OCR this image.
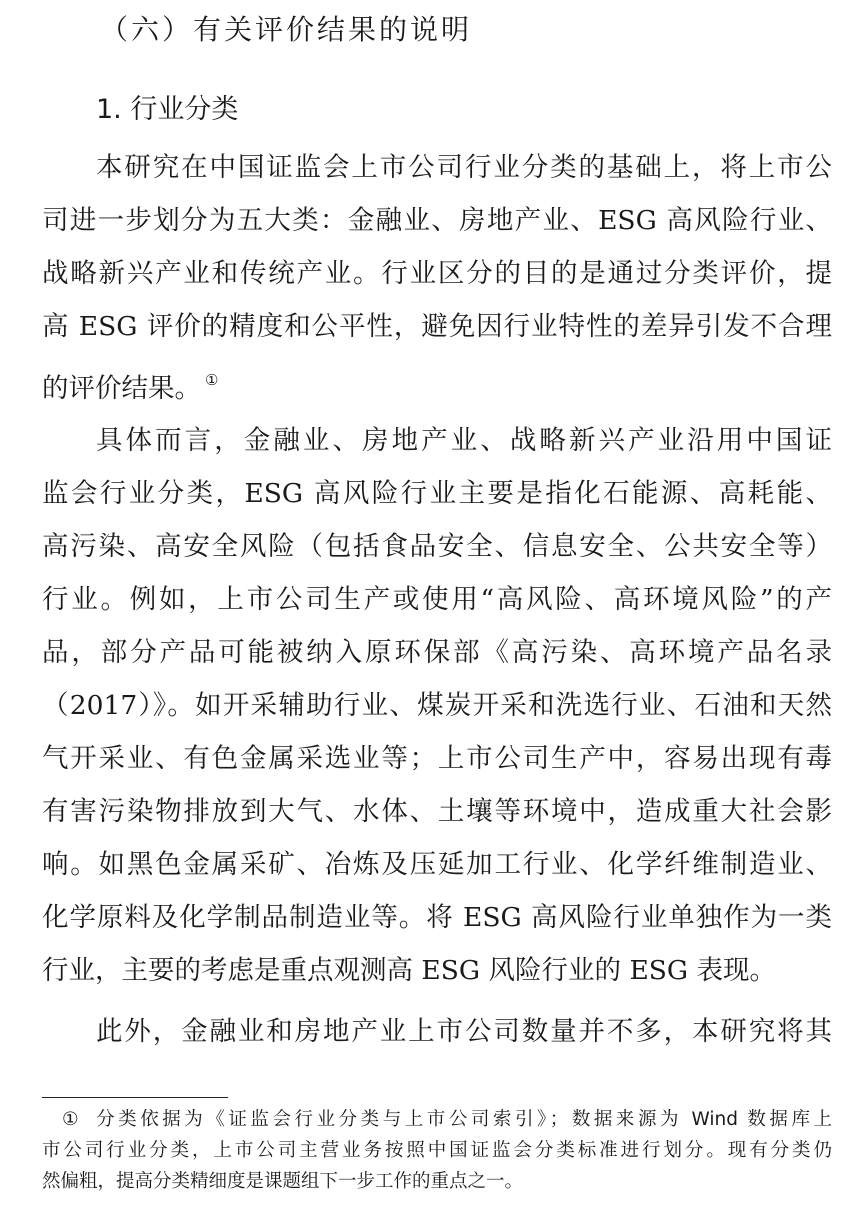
（六）有关评价结果的说明
1. 行业分类
本研究在中国证监会上市公司行业分类的基础上，将上市公
司进一步划分为五大类：金融业、房地产业、ESG 高风险行业、
战略新兴产业和传统产业。行业区分的目的是通过分类评价，提
高 ESG 评价的精度和公平性，避免因行业特性的差异引发不合理
的评价结果。 ①
具体而言，金融业、房地产业、战略新兴产业沿用中国证
监会行业分类，ESG 高风险行业主要是指化石能源、高耗能、
高污染、高安全风险（包括食品安全、信息安全、公共安全等）
行业。例如，上市公司生产或使用“高风险、高环境风险”的产
品，部分产品可能被纳入原环保部《高污染、高环境产品名录
（2017）》。如开采辅助行业、煤炭开采和洗选行业、石油和天然
气开采业、有色金属采选业等；上市公司生产中，容易出现有毒
有害污染物排放到大气、水体、土壤等环境中，造成重大社会影
响。如黑色金属采矿、冶炼及压延加工行业、化学纤维制造业、
化学原料及化学制品制造业等。将 ESG 高风险行业单独作为一类
行业，主要的考虑是重点观测高 ESG 风险行业的 ESG 表现。
此外，金融业和房地产业上市公司数量并不多，本研究将其
① 分类依据为《证监会行业分类与上市公司索引》；数据来源为 Wind 数据库上
市公司行业分类，上市公司主营业务按照中国证监会分类标准进行划分。现有分类仍
然偏粗，提高分类精细度是课题组下一步工作的重点之一。
